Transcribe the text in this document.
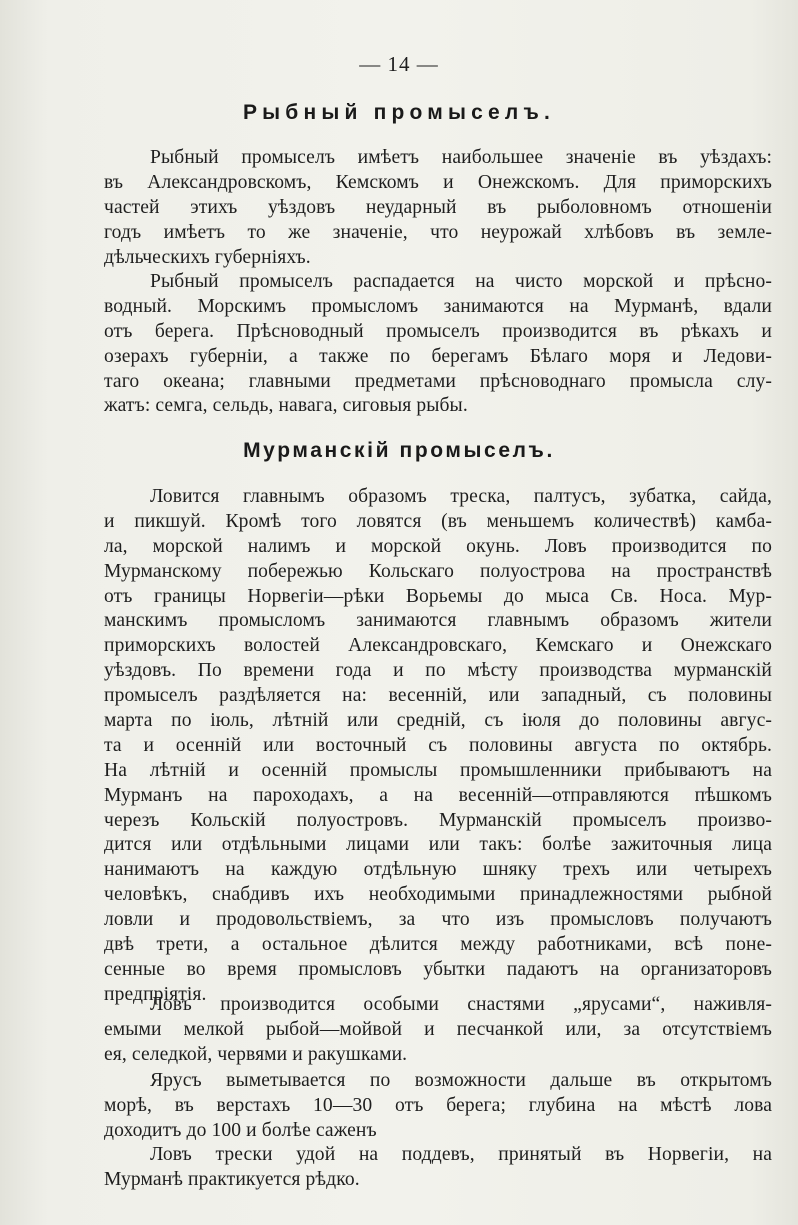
— 14 —
Рыбный промыселъ.

Рыбный промыселъ имѣетъ наибольшее значеніе въ уѣздахъ:
въ Александровскомъ, Кемскомъ и Онежскомъ. Для приморскихъ
частей этихъ уѣздовъ неударный въ рыболовномъ отношеніи
годъ имѣетъ то же значеніе, что неурожай хлѣбовъ въ земле-
дѣльческихъ губерніяхъ.

Рыбный промыселъ распадается на чисто морской и прѣсно-
водный. Морскимъ промысломъ занимаются на Мурманѣ, вдали
отъ берега. Прѣсноводный промыселъ производится въ рѣкахъ и
озерахъ губерніи, а также по берегамъ Бѣлаго моря и Ледови-
таго океана; главными предметами прѣсноводнаго промысла слу-
жатъ: семга, сельдь, навага, сиговыя рыбы.

Мурманскій промыселъ.

Ловится главнымъ образомъ треска, палтусъ, зубатка, сайда,
и пикшуй. Кромѣ того ловятся (въ меньшемъ количествѣ) камба-
ла, морской налимъ и морской окунь. Ловъ производится по
Мурманскому побережью Кольскаго полуострова на пространствѣ
отъ границы Норвегіи—рѣки Ворьемы до мыса Св. Носа. Мур-
манскимъ промысломъ занимаются главнымъ образомъ жители
приморскихъ волостей Александровскаго, Кемскаго и Онежскаго
уѣздовъ. По времени года и по мѣсту производства мурманскій
промыселъ раздѣляется на: весенній, или западный, съ половины
марта по іюль, лѣтній или средній, съ іюля до половины авгус-
та и осенній или восточный съ половины августа по октябрь.
На лѣтній и осенній промыслы промышленники прибываютъ на
Мурманъ на пароходахъ, а на весенній—отправляются пѣшкомъ
черезъ Кольскій полуостровъ. Мурманскій промыселъ произво-
дится или отдѣльными лицами или такъ: болѣе зажиточныя лица
нанимаютъ на каждую отдѣльную шняку трехъ или четырехъ
человѣкъ, снабдивъ ихъ необходимыми принадлежностями рыбной
ловли и продовольствіемъ, за что изъ промысловъ получаютъ
двѣ трети, а остальное дѣлится между работниками, всѣ поне-
сенные во время промысловъ убытки падаютъ на организаторовъ
предпріятія.

Ловъ производится особыми снастями „ярусами“, наживля-
емыми мелкой рыбой—мойвой и песчанкой или, за отсутствіемъ
ея, селедкой, червями и ракушками.

Ярусъ выметывается по возможности дальше въ открытомъ
морѣ, въ верстахъ 10—30 отъ берега; глубина на мѣстѣ лова
доходитъ до 100 и болѣе саженъ

Ловъ трески удой на поддевъ, принятый въ Норвегіи, на
Мурманѣ практикуется рѣдко.
